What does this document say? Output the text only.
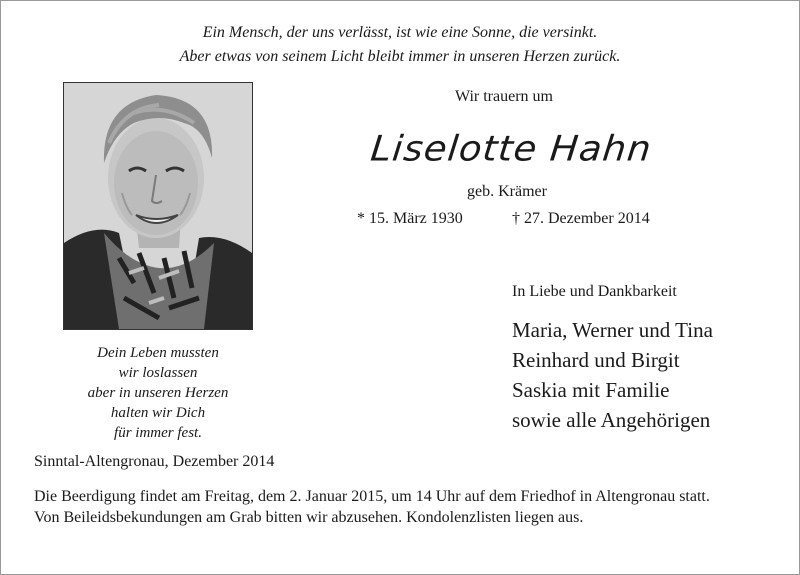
Ein Mensch, der uns verlässt, ist wie eine Sonne, die versinkt.
Aber etwas von seinem Licht bleibt immer in unseren Herzen zurück.
Dein Leben mussten
wir loslassen
aber in unseren Herzen
halten wir Dich
für immer fest.
Wir trauern um
Liselotte Hahn
geb. Krämer
* 15. März 1930	† 27. Dezember 2014
In Liebe und Dankbarkeit
Maria, Werner und Tina
Reinhard und Birgit
Saskia mit Familie
sowie alle Angehörigen
Sinntal-Altengronau, Dezember 2014
Die Beerdigung findet am Freitag, dem 2. Januar 2015, um 14 Uhr auf dem Friedhof in Altengronau statt.
Von Beileidsbekundungen am Grab bitten wir abzusehen. Kondolenzlisten liegen aus.
